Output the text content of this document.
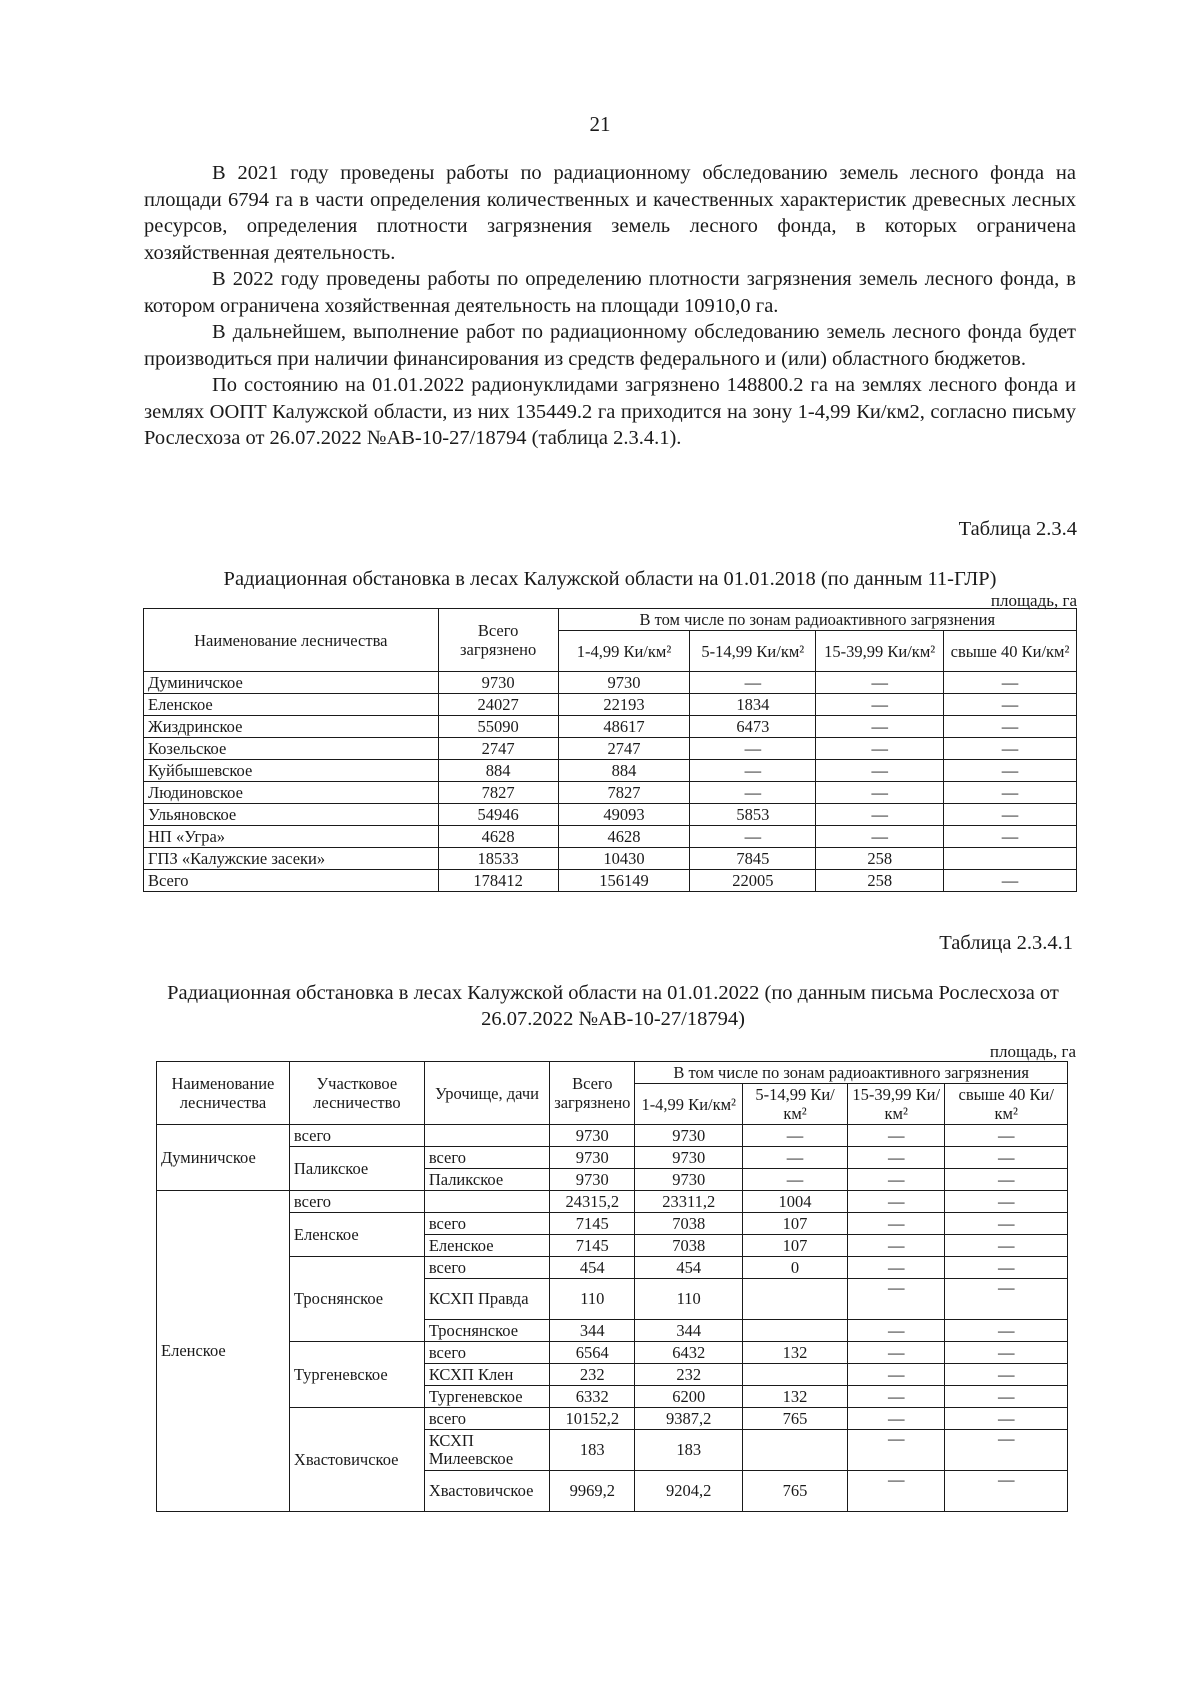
21

В 2021 году проведены работы по радиационному обследованию земель лесного фонда на площади 6794 га в части определения количественных и качественных характеристик древесных лесных ресурсов, определения плотности загрязнения земель лесного фонда, в которых ограничена хозяйственная деятельность.

В 2022 году проведены работы по определению плотности загрязнения земель лесного фонда, в котором ограничена хозяйственная деятельность на площади 10910,0 га.

В дальнейшем, выполнение работ по радиационному обследованию земель лесного фонда будет производиться при наличии финансирования из средств федерального и (или) областного бюджетов.

По состоянию на 01.01.2022 радионуклидами загрязнено 148800.2 га на землях лесного фонда и землях ООПТ Калужской области, из них 135449.2 га приходится на зону 1-4,99 Ки/км2, согласно письму Рослесхоза от 26.07.2022 №АВ-10-27/18794 (таблица 2.3.4.1).

Таблица 2.3.4
Радиационная обстановка в лесах Калужской области на 01.01.2018 (по данным 11-ГЛР)
площадь, га
Наименование лесничества	Всего загрязнено	В том числе по зонам радиоактивного загрязнения			
		1-4,99 Ки/км²	5-14,99 Ки/км²	15-39,99 Ки/км²	свыше 40 Ки/км²
Думиничское	9730	9730	—	—	—
Еленское	24027	22193	1834	—	—
Жиздринское	55090	48617	6473	—	—
Козельское	2747	2747	—	—	—
Куйбышевское	884	884	—	—	—
Людиновское	7827	7827	—	—	—
Ульяновское	54946	49093	5853	—	—
НП «Угра»	4628	4628	—	—	—
ГПЗ «Калужские засеки»	18533	10430	7845	258	
Всего	178412	156149	22005	258	—
Таблица 2.3.4.1
Радиационная обстановка в лесах Калужской области на 01.01.2022 (по данным письма Рослесхоза от 26.07.2022 №АВ-10-27/18794)
площадь, га
Наименование лесничества	Участковое лесничество	Урочище, дачи	Всего загрязнено	В том числе по зонам радиоактивного загрязнения			
				1-4,99 Ки/км²	5-14,99 Ки/км²	15-39,99 Ки/км²	свыше 40 Ки/км²
Думиничское	всего		9730	9730	—	—	—
	Паликское	всего	9730	9730	—	—	—
		Паликское	9730	9730	—	—	—
Еленское	всего		24315,2	23311,2	1004	—	—
	Еленское	всего	7145	7038	107	—	—
		Еленское	7145	7038	107	—	—
	Троснянское	всего	454	454	0	—	—
		КСХП Правда	110	110		—	—
		Троснянское	344	344		—	—
	Тургеневское	всего	6564	6432	132	—	—
		КСХП Клен	232	232		—	—
		Тургеневское	6332	6200	132	—	—
	Хвастовичское	всего	10152,2	9387,2	765	—	—
		КСХП Милеевское	183	183		—	—
		Хвастовичское	9969,2	9204,2	765	—	—
